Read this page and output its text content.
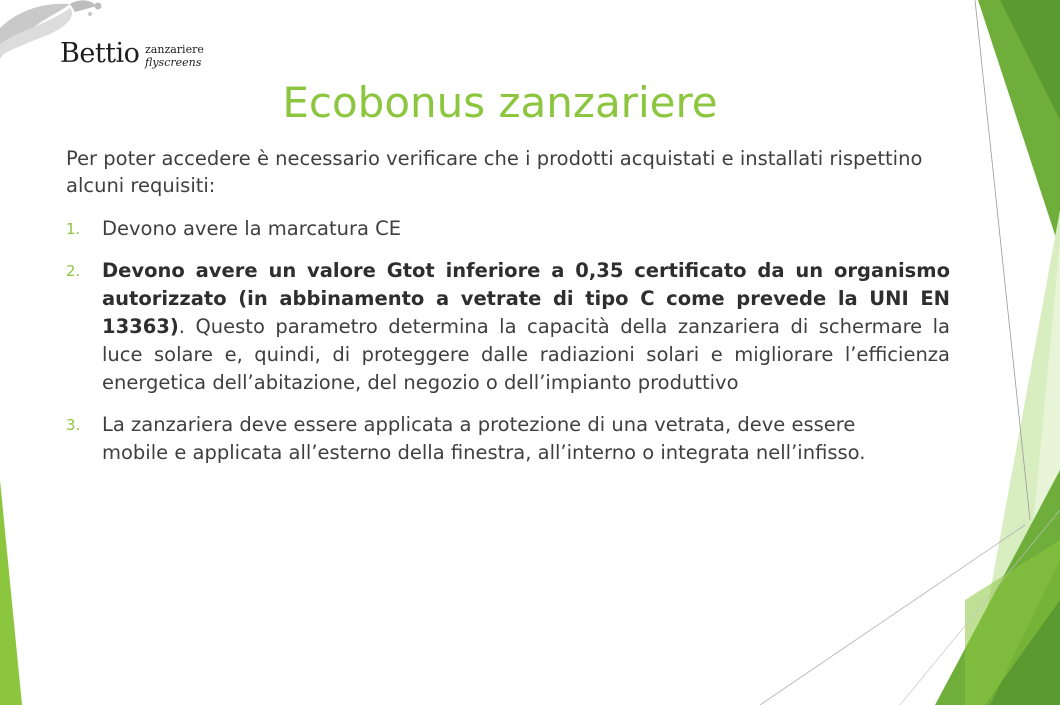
Bettio zanzariere
flyscreens
Ecobonus zanzariere

Per poter accedere è necessario verificare che i prodotti acquistati e installati rispettino alcuni requisiti:

1. Devono avere la marcatura CE
2. Devono avere un valore Gtot inferiore a 0,35 certificato da un organismo autorizzato (in abbinamento a vetrate di tipo C come prevede la UNI EN 13363). Questo parametro determina la capacità della zanzariera di schermare la luce solare e, quindi, di proteggere dalle radiazioni solari e migliorare l’efficienza energetica dell’abitazione, del negozio o dell’impianto produttivo
3. La zanzariera deve essere applicata a protezione di una vetrata, deve essere mobile e applicata all’esterno della finestra, all’interno o integrata nell’infisso.
